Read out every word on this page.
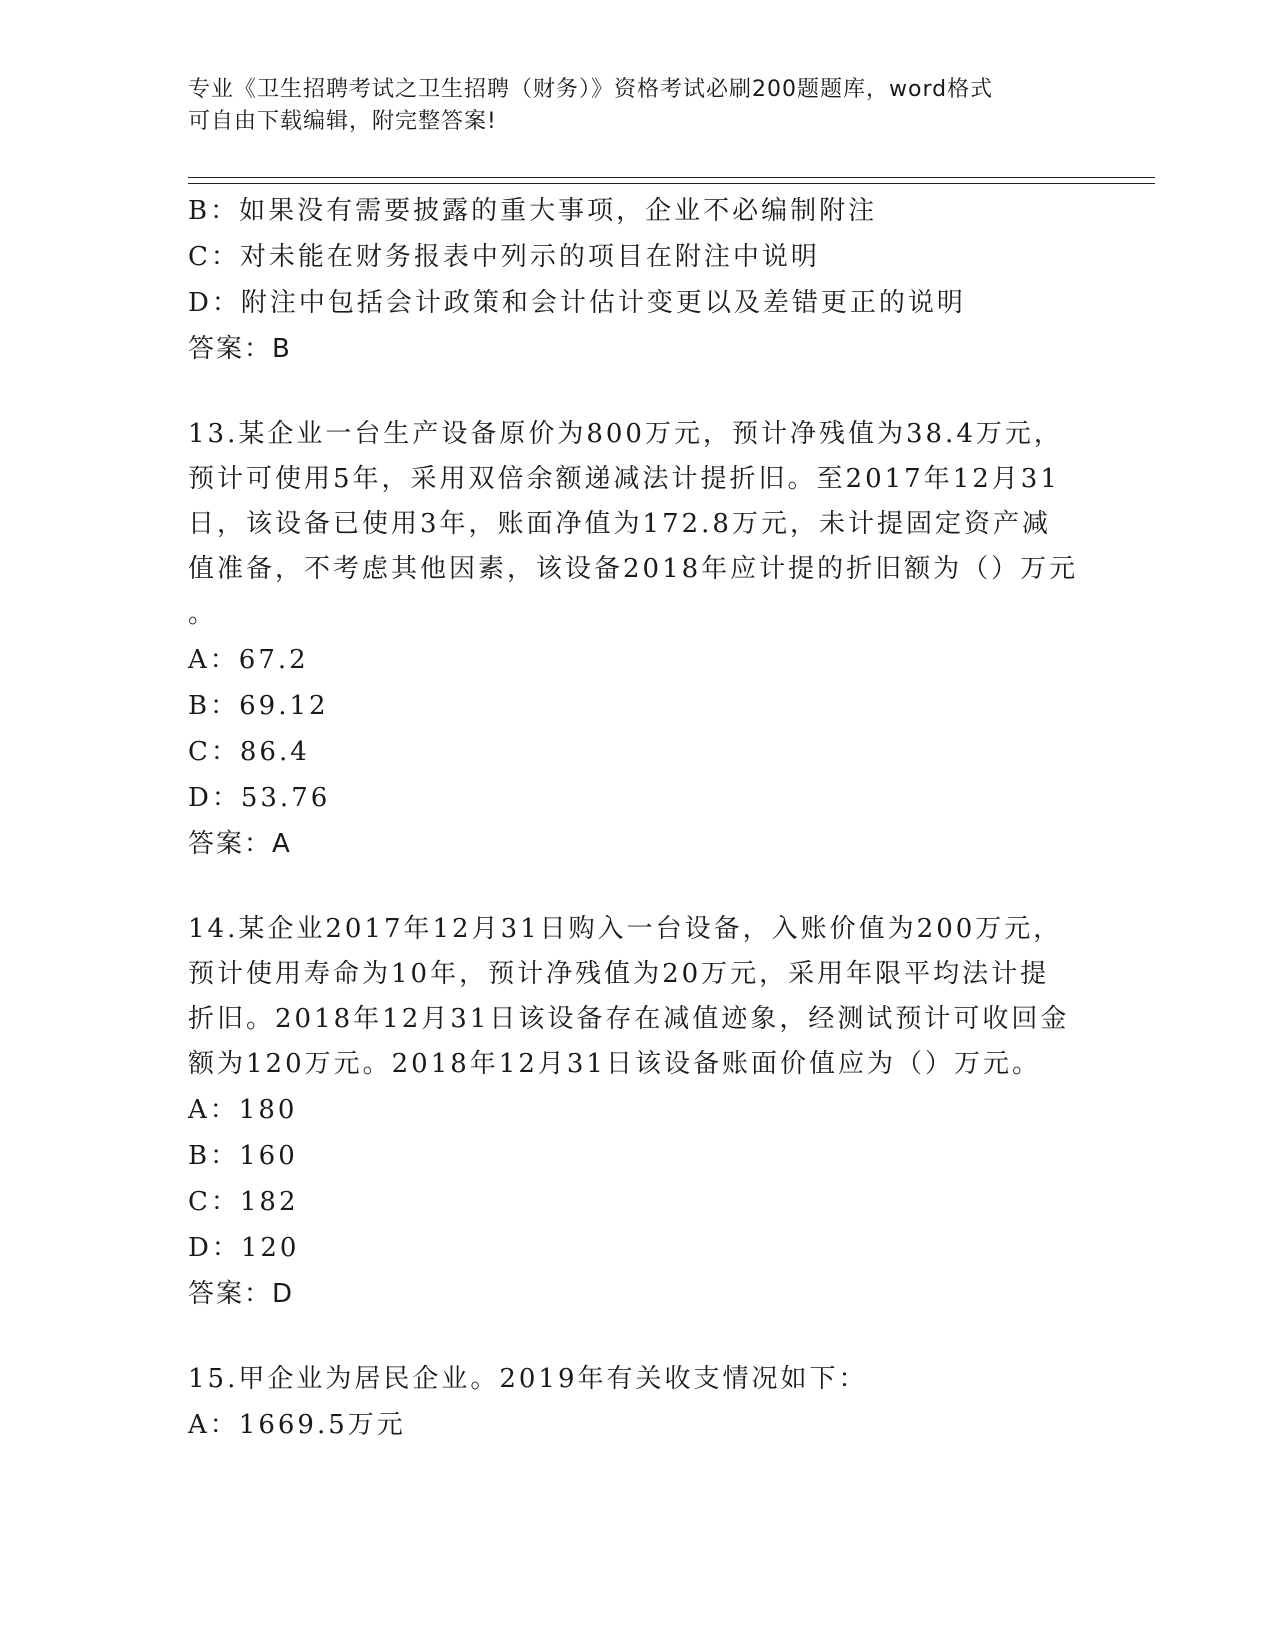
专业《卫生招聘考试之卫生招聘（财务）》资格考试必刷200题题库，word格式
可自由下载编辑，附完整答案!
B：如果没有需要披露的重大事项，企业不必编制附注
C：对未能在财务报表中列示的项目在附注中说明
D：附注中包括会计政策和会计估计变更以及差错更正的说明
答案：B
13.某企业一台生产设备原价为800万元，预计净残值为38.4万元，
预计可使用5年，采用双倍余额递减法计提折旧。至2017年12月31
日，该设备已使用3年，账面净值为172.8万元，未计提固定资产减
值准备，不考虑其他因素，该设备2018年应计提的折旧额为（）万元
。
A：67.2
B：69.12
C：86.4
D：53.76
答案：A
14.某企业2017年12月31日购入一台设备，入账价值为200万元，
预计使用寿命为10年，预计净残值为20万元，采用年限平均法计提
折旧。2018年12月31日该设备存在减值迹象，经测试预计可收回金
额为120万元。2018年12月31日该设备账面价值应为（）万元。
A：180
B：160
C：182
D：120
答案：D
15.甲企业为居民企业。2019年有关收支情况如下：
A：1669.5万元
